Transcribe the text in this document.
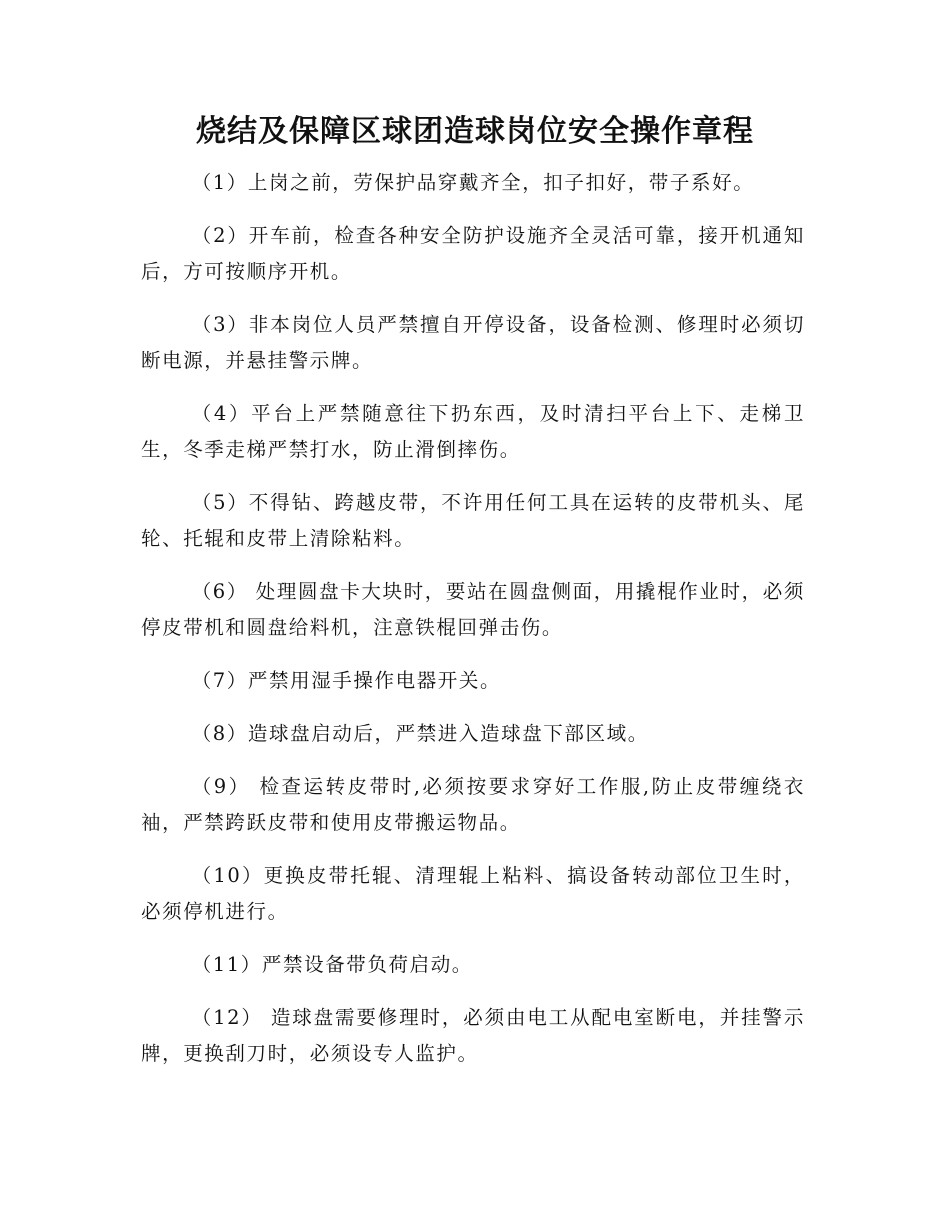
烧结及保障区球团造球岗位安全操作章程

（1）上岗之前，劳保护品穿戴齐全，扣子扣好，带子系好。

（2）开车前，检查各种安全防护设施齐全灵活可靠，接开机通知后，方可按顺序开机。

（3）非本岗位人员严禁擅自开停设备，设备检测、修理时必须切断电源，并悬挂警示牌。

（4）平台上严禁随意往下扔东西，及时清扫平台上下、走梯卫生，冬季走梯严禁打水，防止滑倒摔伤。

（5）不得钻、跨越皮带，不许用任何工具在运转的皮带机头、尾轮、托辊和皮带上清除粘料。

（6） 处理圆盘卡大块时，要站在圆盘侧面，用撬棍作业时，必须停皮带机和圆盘给料机，注意铁棍回弹击伤。

（7）严禁用湿手操作电器开关。

（8）造球盘启动后，严禁进入造球盘下部区域。

（9） 检查运转皮带时,必须按要求穿好工作服,防止皮带缠绕衣袖，严禁跨跃皮带和使用皮带搬运物品。

（10）更换皮带托辊、清理辊上粘料、搞设备转动部位卫生时，必须停机进行。

（11）严禁设备带负荷启动。

（12） 造球盘需要修理时，必须由电工从配电室断电，并挂警示牌，更换刮刀时，必须设专人监护。
